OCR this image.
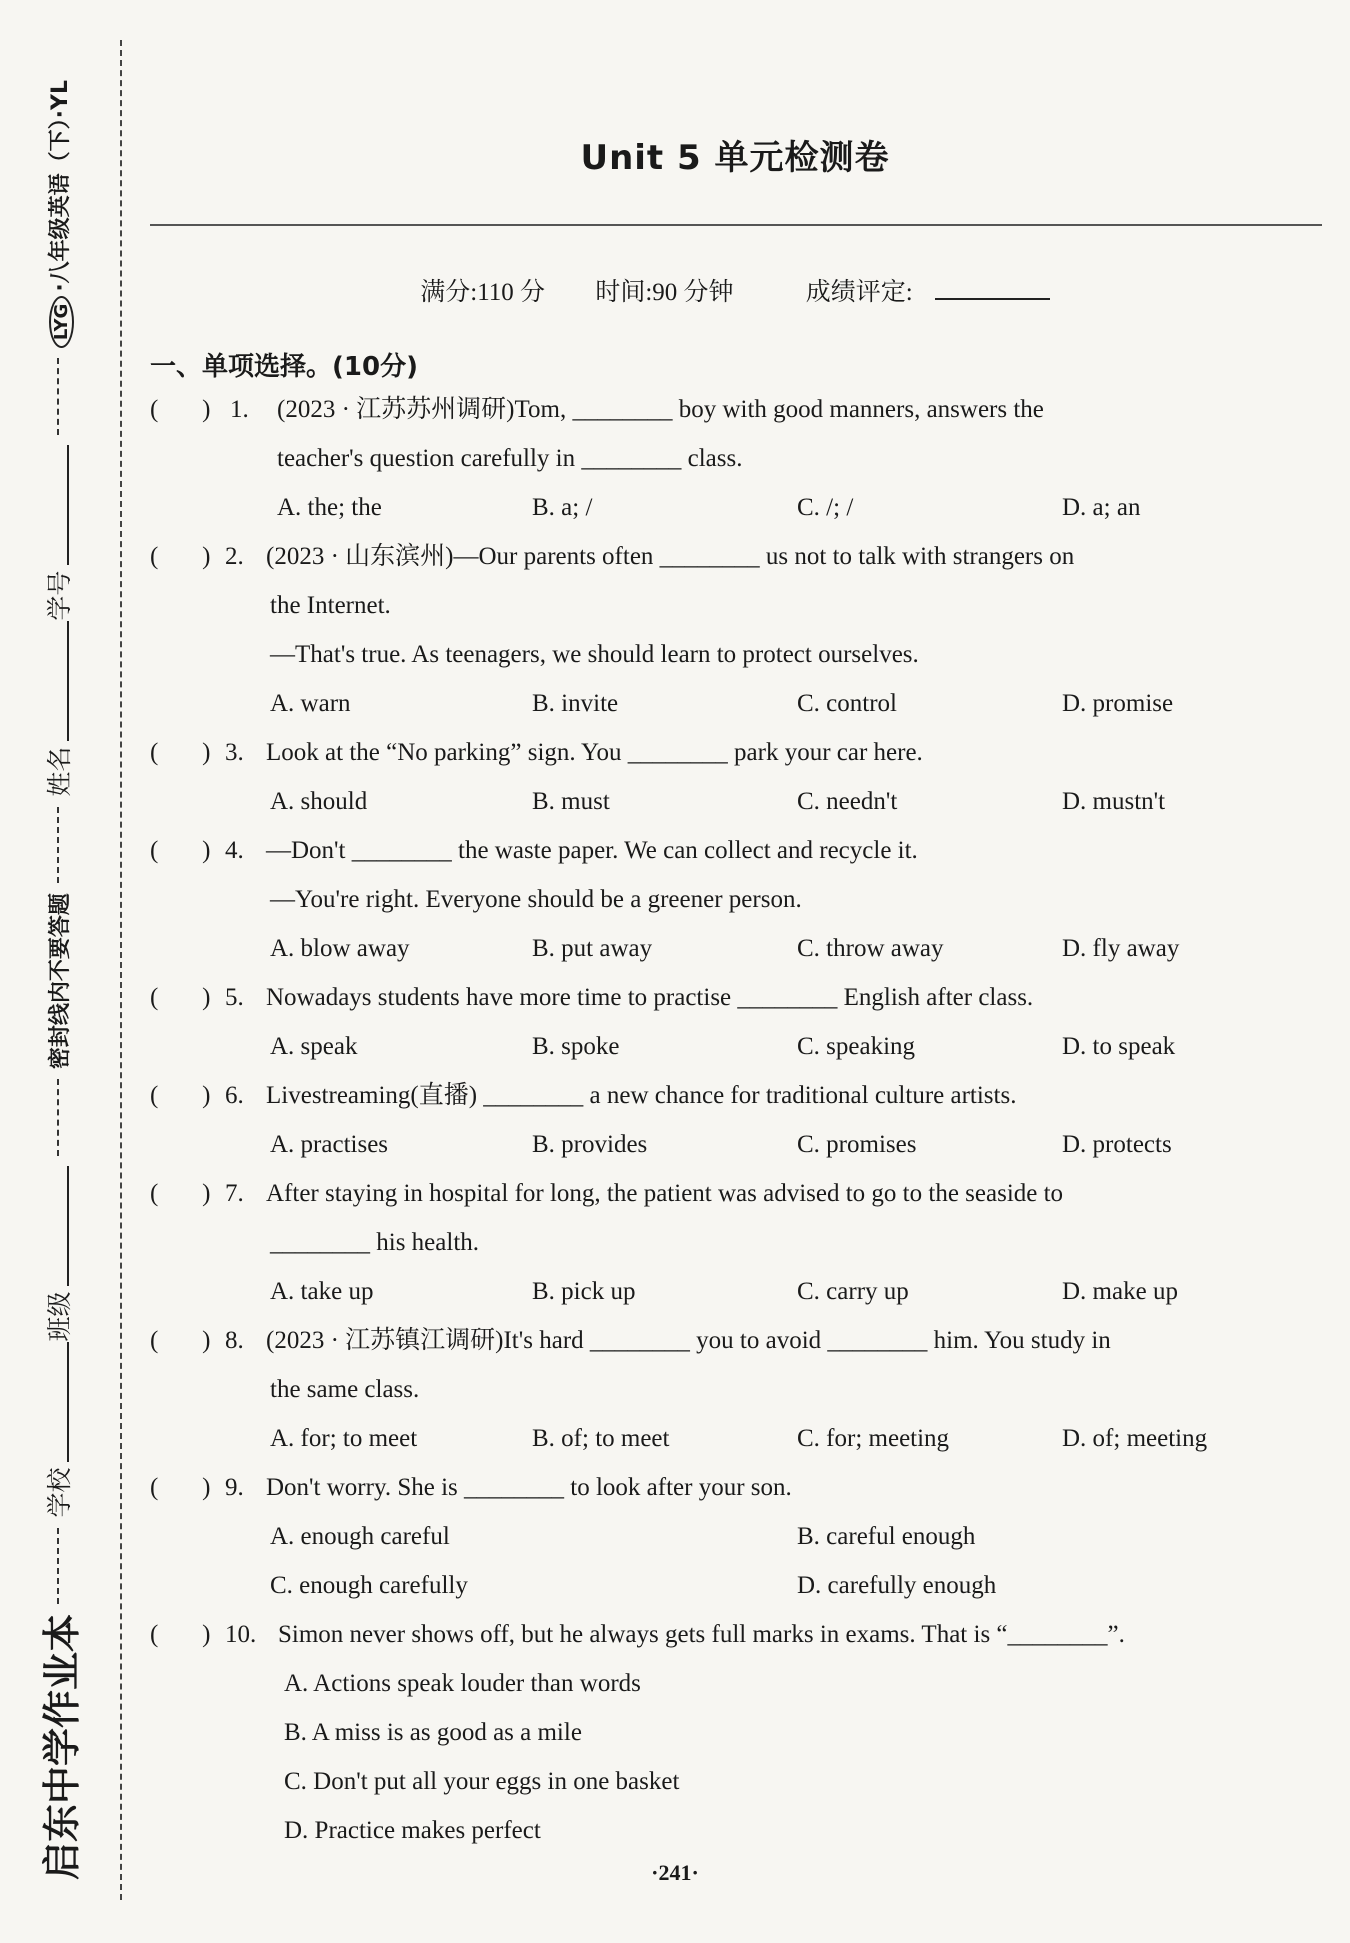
启东中学作业本
学校
班级
密封线内不要答题
姓名
学号
LYG·八年级英语（下）·YL	Unit 5 单元检测卷
满分:110 分 时间:90 分钟	成绩评定:
一、单项选择。(10分)
(       ) 1. (2023 · 江苏苏州调研)Tom, ________ boy with good manners, answers the
teacher's question carefully in ________ class.
A. the; the	B. a; /	C. /; /	D. a; an
(       ) 2. (2023 · 山东滨州)—Our parents often ________ us not to talk with strangers on
the Internet.
—That's true. As teenagers, we should learn to protect ourselves.
A. warn	B. invite	C. control	D. promise
(       ) 3. Look at the “No parking” sign. You ________ park your car here.
A. should	B. must	C. needn't	D. mustn't
(       ) 4. —Don't ________ the waste paper. We can collect and recycle it.
—You're right. Everyone should be a greener person.
A. blow away	B. put away	C. throw away	D. fly away
(       ) 5. Nowadays students have more time to practise ________ English after class.
A. speak	B. spoke	C. speaking	D. to speak
(       ) 6. Livestreaming(直播) ________ a new chance for traditional culture artists.
A. practises	B. provides	C. promises	D. protects
(       ) 7. After staying in hospital for long, the patient was advised to go to the seaside to
________ his health.
A. take up	B. pick up	C. carry up	D. make up
(       ) 8. (2023 · 江苏镇江调研)It's hard ________ you to avoid ________ him. You study in
the same class.
A. for; to meet	B. of; to meet	C. for; meeting	D. of; meeting
(       ) 9. Don't worry. She is ________ to look after your son.
A. enough careful	B. careful enough
C. enough carefully	D. carefully enough
(       ) 10. Simon never shows off, but he always gets full marks in exams. That is “________”.
A. Actions speak louder than words
B. A miss is as good as a mile
C. Don't put all your eggs in one basket
D. Practice makes perfect
·241·
